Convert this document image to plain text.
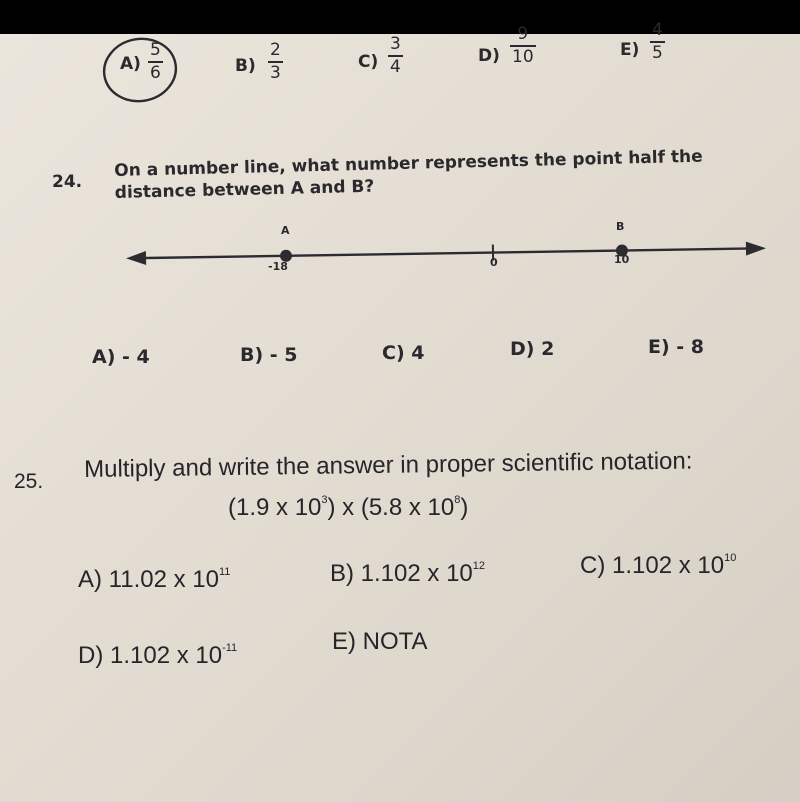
A)
5
6	B)
2
3
C)
3
4
D)
9
10	E)
4
5
24.
On a number line, what number represents the point half the
distance between A and B?
A	B
-18	0	10
A) - 4	B) - 5	C) 4	D) 2	E) - 8
25. Multiply and write the answer in proper scientific notation:
(1.9 x $10^3$) x (5.8 x $10^8$)
A) 11.02 x $10^{11}$	B) 1.102 x $10^{12}$	C) 1.102 x $10^{10}$
D) 1.102 x $10^{-11}$	E) NOTA
